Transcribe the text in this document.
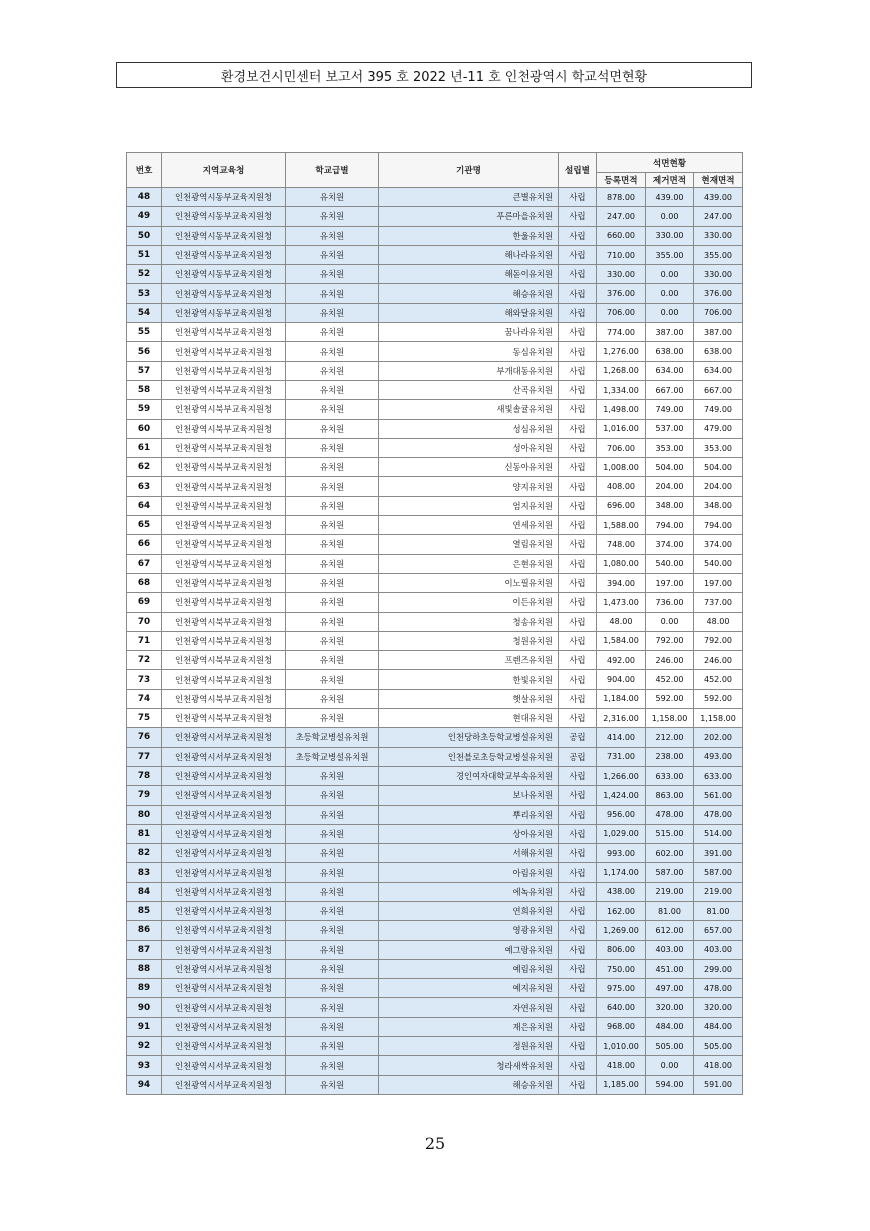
환경보건시민센터 보고서 395 호 2022 년-11 호 인천광역시 학교석면현황
번호	지역교육청	학교급별	기관명	설립별	석면현황		
					등록면적	제거면적	현재면적
48	인천광역시동부교육지원청	유치원	큰별유치원	사립	878.00	439.00	439.00
49	인천광역시동부교육지원청	유치원	푸른마을유치원	사립	247.00	0.00	247.00
50	인천광역시동부교육지원청	유치원	한울유치원	사립	660.00	330.00	330.00
51	인천광역시동부교육지원청	유치원	해나라유치원	사립	710.00	355.00	355.00
52	인천광역시동부교육지원청	유치원	해돋이유치원	사립	330.00	0.00	330.00
53	인천광역시동부교육지원청	유치원	해승유치원	사립	376.00	0.00	376.00
54	인천광역시동부교육지원청	유치원	해와달유치원	사립	706.00	0.00	706.00
55	인천광역시북부교육지원청	유치원	꿈나라유치원	사립	774.00	387.00	387.00
56	인천광역시북부교육지원청	유치원	동심유치원	사립	1,276.00	638.00	638.00
57	인천광역시북부교육지원청	유치원	부개대동유치원	사립	1,268.00	634.00	634.00
58	인천광역시북부교육지원청	유치원	산곡유치원	사립	1,334.00	667.00	667.00
59	인천광역시북부교육지원청	유치원	새빛솔귤유치원	사립	1,498.00	749.00	749.00
60	인천광역시북부교육지원청	유치원	성심유치원	사립	1,016.00	537.00	479.00
61	인천광역시북부교육지원청	유치원	성아유치원	사립	706.00	353.00	353.00
62	인천광역시북부교육지원청	유치원	신동아유치원	사립	1,008.00	504.00	504.00
63	인천광역시북부교육지원청	유치원	양지유치원	사립	408.00	204.00	204.00
64	인천광역시북부교육지원청	유치원	엄지유치원	사립	696.00	348.00	348.00
65	인천광역시북부교육지원청	유치원	연세유치원	사립	1,588.00	794.00	794.00
66	인천광역시북부교육지원청	유치원	열림유치원	사립	748.00	374.00	374.00
67	인천광역시북부교육지원청	유치원	은현유치원	사립	1,080.00	540.00	540.00
68	인천광역시북부교육지원청	유치원	이노필유치원	사립	394.00	197.00	197.00
69	인천광역시북부교육지원청	유치원	이든유치원	사립	1,473.00	736.00	737.00
70	인천광역시북부교육지원청	유치원	청송유치원	사립	48.00	0.00	48.00
71	인천광역시북부교육지원청	유치원	청원유치원	사립	1,584.00	792.00	792.00
72	인천광역시북부교육지원청	유치원	프렌즈유치원	사립	492.00	246.00	246.00
73	인천광역시북부교육지원청	유치원	한빛유치원	사립	904.00	452.00	452.00
74	인천광역시북부교육지원청	유치원	햇살유치원	사립	1,184.00	592.00	592.00
75	인천광역시북부교육지원청	유치원	현대유치원	사립	2,316.00	1,158.00	1,158.00
76	인천광역시서부교육지원청	초등학교병설유치원	인천당하초등학교병설유치원	공립	414.00	212.00	202.00
77	인천광역시서부교육지원청	초등학교병설유치원	인천블로초등학교병설유치원	공립	731.00	238.00	493.00
78	인천광역시서부교육지원청	유치원	경인여자대학교부속유치원	사립	1,266.00	633.00	633.00
79	인천광역시서부교육지원청	유치원	보나유치원	사립	1,424.00	863.00	561.00
80	인천광역시서부교육지원청	유치원	뿌리유치원	사립	956.00	478.00	478.00
81	인천광역시서부교육지원청	유치원	상아유치원	사립	1,029.00	515.00	514.00
82	인천광역시서부교육지원청	유치원	서해유치원	사립	993.00	602.00	391.00
83	인천광역시서부교육지원청	유치원	아림유치원	사립	1,174.00	587.00	587.00
84	인천광역시서부교육지원청	유치원	에녹유치원	사립	438.00	219.00	219.00
85	인천광역시서부교육지원청	유치원	연희유치원	사립	162.00	81.00	81.00
86	인천광역시서부교육지원청	유치원	영광유치원	사립	1,269.00	612.00	657.00
87	인천광역시서부교육지원청	유치원	예그랑유치원	사립	806.00	403.00	403.00
88	인천광역시서부교육지원청	유치원	예림유치원	사립	750.00	451.00	299.00
89	인천광역시서부교육지원청	유치원	예지유치원	사립	975.00	497.00	478.00
90	인천광역시서부교육지원청	유치원	자연유치원	사립	640.00	320.00	320.00
91	인천광역시서부교육지원청	유치원	재은유치원	사립	968.00	484.00	484.00
92	인천광역시서부교육지원청	유치원	정원유치원	사립	1,010.00	505.00	505.00
93	인천광역시서부교육지원청	유치원	청라새싹유치원	사립	418.00	0.00	418.00
94	인천광역시서부교육지원청	유치원	해승유치원	사립	1,185.00	594.00	591.00
25
